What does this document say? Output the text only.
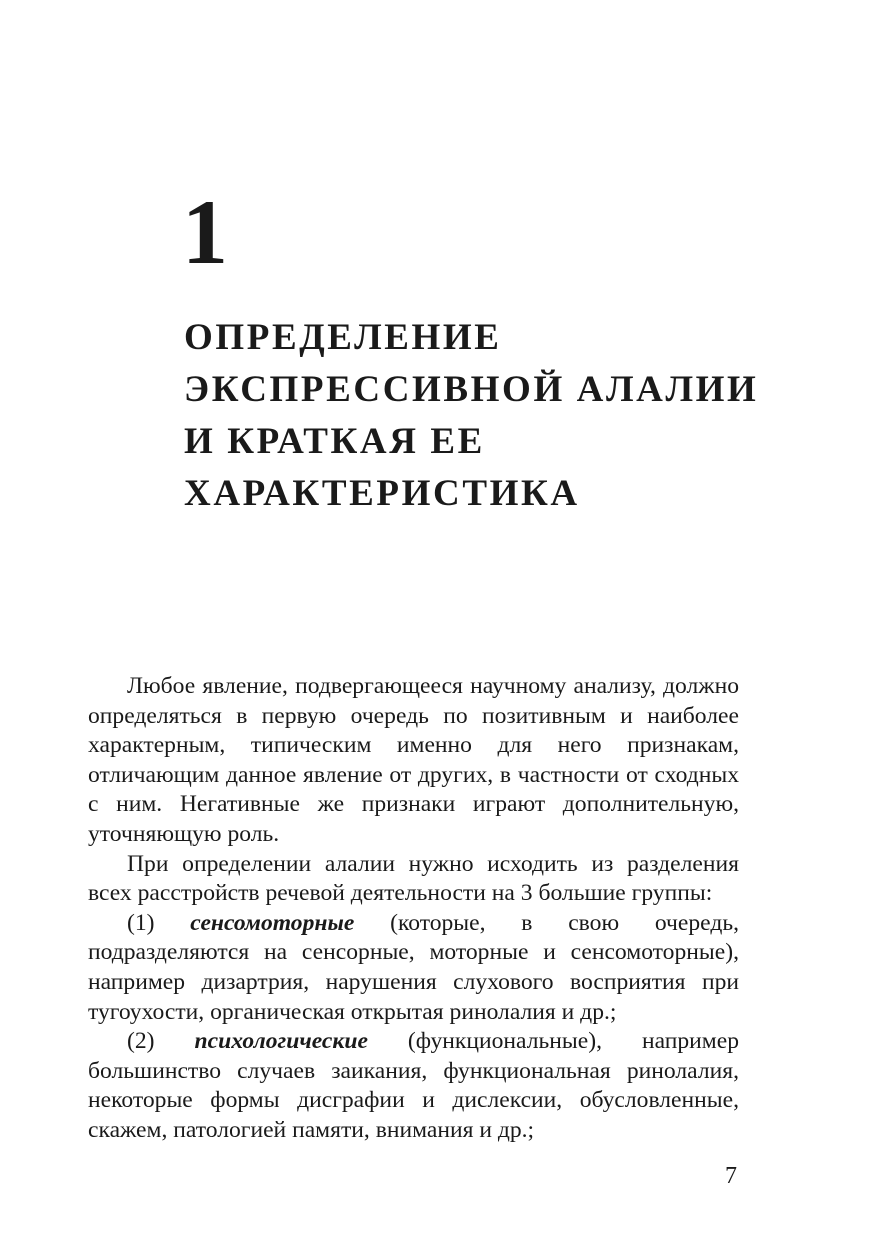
1
ОПРЕДЕЛЕНИЕ
ЭКСПРЕССИВНОЙ АЛАЛИИ
И КРАТКАЯ ЕЕ
ХАРАКТЕРИСТИКА

Любое явление, подвергающееся научному анализу, должно определяться в первую очередь по позитивным и наиболее характерным, типическим именно для него признакам, отличающим данное явление от других, в частности от сходных с ним. Негативные же признаки играют дополнительную, уточняющую роль.

При определении алалии нужно исходить из разделения всех расстройств речевой деятельности на 3 большие группы:

(1) сенсомоторные (которые, в свою очередь, подразделяются на сенсорные, моторные и сенсомоторные), например дизартрия, нарушения слухового восприятия при тугоухости, органическая открытая ринолалия и др.;

(2) психологические (функциональные), например большинство случаев заикания, функциональная ринолалия, некоторые формы дисграфии и дислексии, обусловленные, скажем, патологией памяти, внимания и др.;

7
